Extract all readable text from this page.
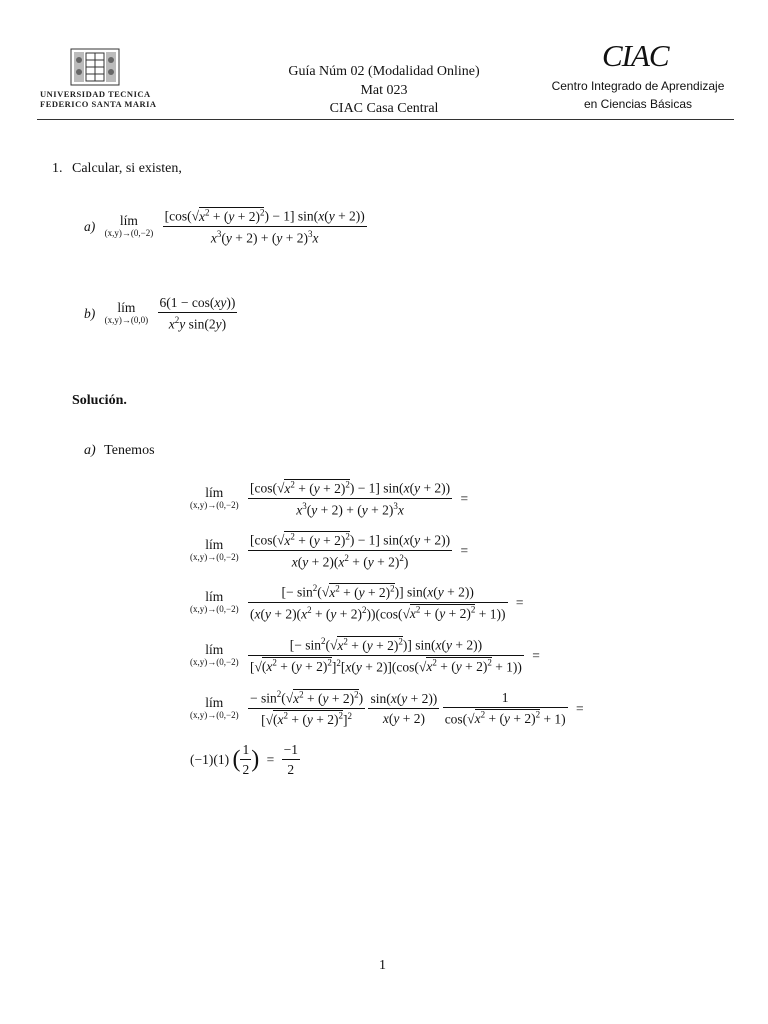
UNIVERSIDAD TECNICA
FEDERICO SANTA MARIA
Guía Núm 02 (Modalidad Online)
Mat 023
CIAC Casa Central
CIAC
Centro Integrado de Aprendizaje
en Ciencias Básicas
1. Calcular, si existen,
a)	lím
(x,y)→(0,−2)
$\frac{[\cos(√x^2 + (y + 2)^2) - 1] \sin(x(y + 2))}{x^3(y + 2) + (y + 2)^3x}$
b)	lím
(x,y)→(0,0)
$\frac{6(1 - \cos(xy))}{x^2y \sin(2y)}$
Solución.
a) Tenemos
lím
(x,y)→(0,−2)
$\frac{[\cos(√x^2 + (y + 2)^2) - 1] \sin(x(y + 2))}{x^3(y + 2) + (y + 2)^3x}$ =
lím
(x,y)→(0,−2)
$\frac{[\cos(√x^2 + (y + 2)^2) - 1] \sin(x(y + 2))}{x(y + 2)(x^2 + (y + 2)^2)}$ =
lím
(x,y)→(0,−2)
$\frac{[- \sin^2(√x^2 + (y + 2)^2)] \sin(x(y + 2))}{(x(y + 2)(x^2 + (y + 2)^2))(\cos(√x^2 + (y + 2)^2 + 1))}$ =
lím
(x,y)→(0,−2)
$\frac{[- \sin^2(√x^2 + (y + 2)^2)] \sin(x(y + 2))}{[√(x^2 + (y + 2)^2]^2[x(y + 2)](\cos(√x^2 + (y + 2)^2 + 1))}$ =
lím
(x,y)→(0,−2)
$\frac{- \sin^2(√x^2 + (y + 2)^2)}{[√(x^2 + (y + 2)^2]^2}$
$\frac{\sin(x(y + 2))}{x(y + 2)}$
$\frac{1}{\cos(√x^2 + (y + 2)^2 + 1)}$ =
(−1)(1) ( $\frac{1}{2}$ ) = $\frac{-1}{2}$
1
